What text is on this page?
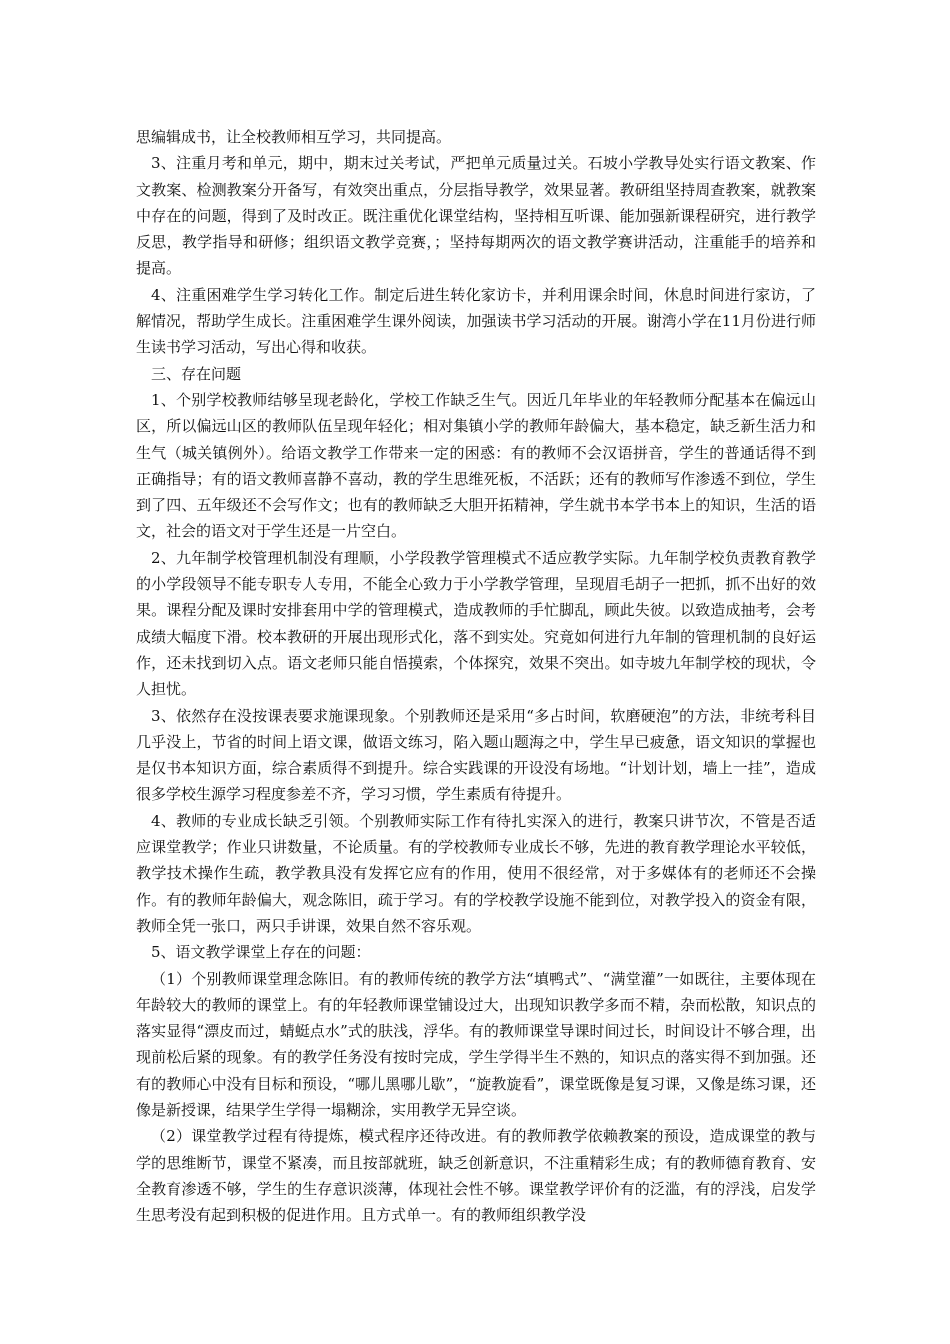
思编辑成书，让全校教师相互学习，共同提高。

3、注重月考和单元，期中，期末过关考试，严把单元质量过关。石坡小学教导处实行语文教案、作文教案、检测教案分开备写，有效突出重点，分层指导教学，效果显著。教研组坚持周查教案，就教案中存在的问题，得到了及时改正。既注重优化课堂结构，坚持相互听课、能加强新课程研究，进行教学反思，教学指导和研修；组织语文教学竞赛，；坚持每期两次的语文教学赛讲活动，注重能手的培养和提高。

4、注重困难学生学习转化工作。制定后进生转化家访卡，并利用课余时间，休息时间进行家访，了解情况，帮助学生成长。注重困难学生课外阅读，加强读书学习活动的开展。谢湾小学在11月份进行师生读书学习活动，写出心得和收获。

三、存在问题

1、个别学校教师结够呈现老龄化，学校工作缺乏生气。因近几年毕业的年轻教师分配基本在偏远山区，所以偏远山区的教师队伍呈现年轻化；相对集镇小学的教师年龄偏大，基本稳定，缺乏新生活力和生气（城关镇例外）。给语文教学工作带来一定的困惑：有的教师不会汉语拼音，学生的普通话得不到正确指导；有的语文教师喜静不喜动，教的学生思维死板，不活跃；还有的教师写作渗透不到位，学生到了四、五年级还不会写作文；也有的教师缺乏大胆开拓精神，学生就书本学书本上的知识，生活的语文，社会的语文对于学生还是一片空白。

2、九年制学校管理机制没有理顺，小学段教学管理模式不适应教学实际。九年制学校负责教育教学的小学段领导不能专职专人专用，不能全心致力于小学教学管理，呈现眉毛胡子一把抓，抓不出好的效果。课程分配及课时安排套用中学的管理模式，造成教师的手忙脚乱，顾此失彼。以致造成抽考，会考成绩大幅度下滑。校本教研的开展出现形式化，落不到实处。究竟如何进行九年制的管理机制的良好运作，还未找到切入点。语文老师只能自悟摸索，个体探究，效果不突出。如寺坡九年制学校的现状，令人担忧。

3、依然存在没按课表要求施课现象。个别教师还是采用“多占时间，软磨硬泡”的方法，非统考科目几乎没上，节省的时间上语文课，做语文练习，陷入题山题海之中，学生早已疲惫，语文知识的掌握也是仅书本知识方面，综合素质得不到提升。综合实践课的开设没有场地。“计划计划，墙上一挂”，造成很多学校生源学习程度参差不齐，学习习惯，学生素质有待提升。

4、教师的专业成长缺乏引领。个别教师实际工作有待扎实深入的进行，教案只讲节次，不管是否适应课堂教学；作业只讲数量，不论质量。有的学校教师专业成长不够，先进的教育教学理论水平较低，教学技术操作生疏，教学教具没有发挥它应有的作用，使用不很经常，对于多媒体有的老师还不会操作。有的教师年龄偏大，观念陈旧，疏于学习。有的学校教学设施不能到位，对教学投入的资金有限，教师全凭一张口，两只手讲课，效果自然不容乐观。

5、语文教学课堂上存在的问题：

（1）个别教师课堂理念陈旧。有的教师传统的教学方法“填鸭式”、“满堂灌”一如既往，主要体现在年龄较大的教师的课堂上。有的年轻教师课堂铺设过大，出现知识教学多而不精，杂而松散，知识点的落实显得“漂皮而过，蜻蜓点水”式的肤浅，浮华。有的教师课堂导课时间过长，时间设计不够合理，出现前松后紧的现象。有的教学任务没有按时完成，学生学得半生不熟的，知识点的落实得不到加强。还有的教师心中没有目标和预设，“哪儿黑哪儿歇”，“旋教旋看”，课堂既像是复习课，又像是练习课，还像是新授课，结果学生学得一塌糊涂，实用教学无异空谈。

（2）课堂教学过程有待提炼，模式程序还待改进。有的教师教学依赖教案的预设，造成课堂的教与学的思维断节，课堂不紧凑，而且按部就班，缺乏创新意识，不注重精彩生成；有的教师德育教育、安全教育渗透不够，学生的生存意识淡薄，体现社会性不够。课堂教学评价有的泛滥，有的浮浅，启发学生思考没有起到积极的促进作用。且方式单一。有的教师组织教学没
